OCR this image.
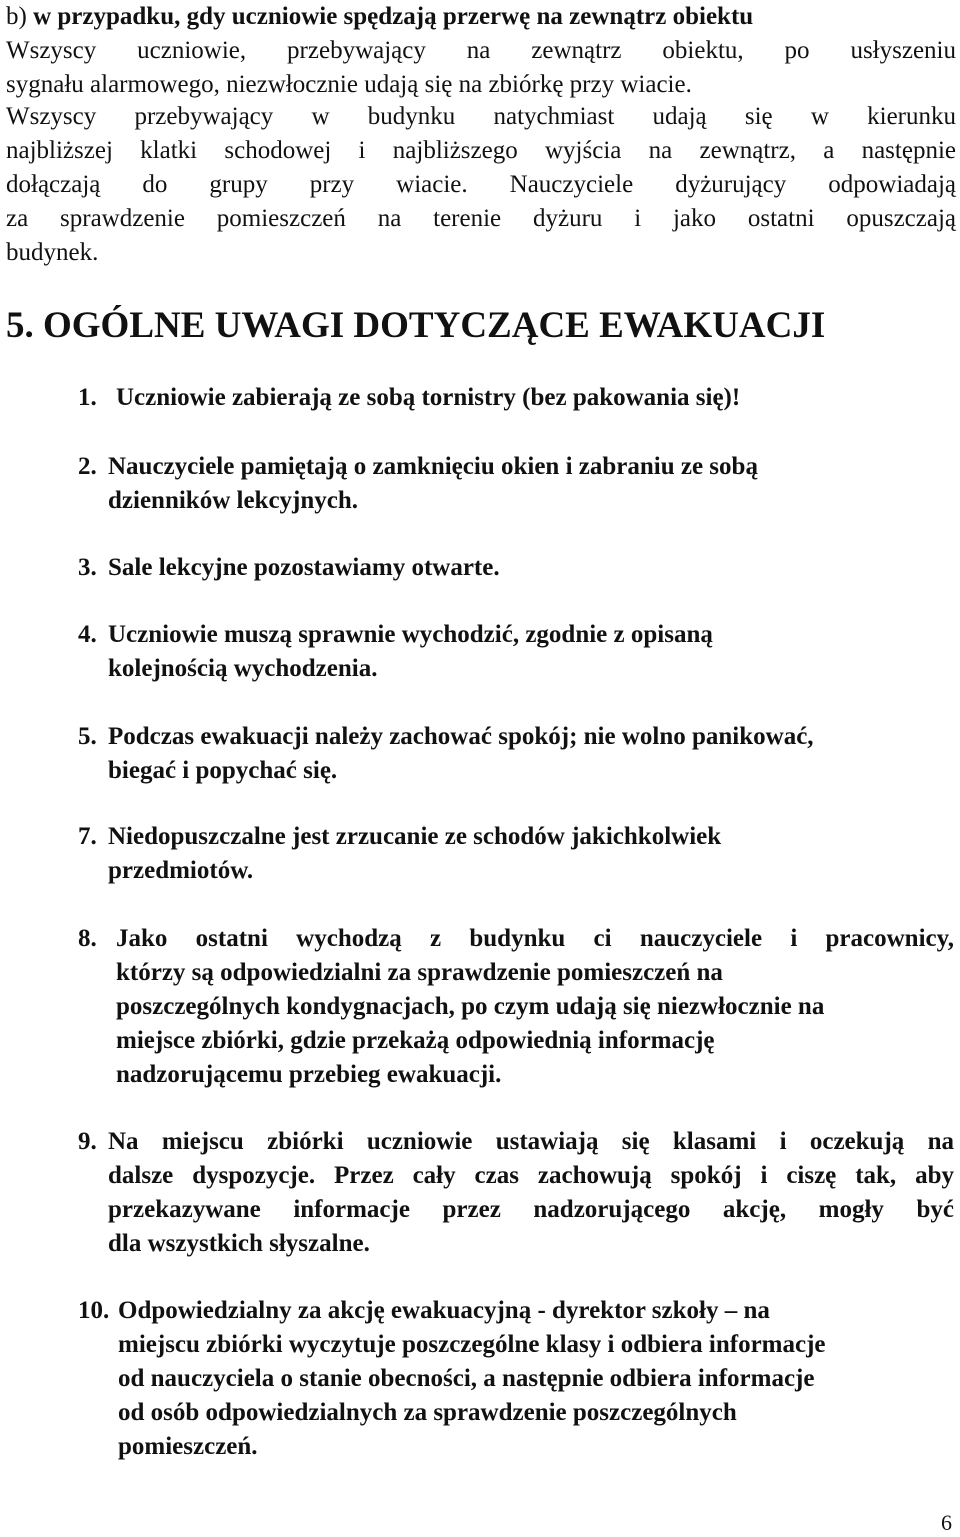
b) w przypadku, gdy uczniowie spędzają przerwę na zewnątrz obiektu
Wszyscy uczniowie, przebywający na zewnątrz obiektu, po usłyszeniu
sygnału alarmowego, niezwłocznie udają się na zbiórkę przy wiacie.
Wszyscy przebywający w budynku natychmiast udają się w kierunku
najbliższej klatki schodowej i najbliższego wyjścia na zewnątrz, a następnie
dołączają do grupy przy wiacie. Nauczyciele dyżurujący odpowiadają
za sprawdzenie pomieszczeń na terenie dyżuru i jako ostatni opuszczają
budynek.
5. OGÓLNE UWAGI DOTYCZĄCE EWAKUACJI
1. Uczniowie zabierają ze sobą tornistry (bez pakowania się)!
2. Nauczyciele pamiętają o zamknięciu okien i zabraniu ze sobą
dzienników lekcyjnych.
3. Sale lekcyjne pozostawiamy otwarte.
4. Uczniowie muszą sprawnie wychodzić, zgodnie z opisaną
kolejnością wychodzenia.
5. Podczas ewakuacji należy zachować spokój; nie wolno panikować,
biegać i popychać się.
7. Niedopuszczalne jest zrzucanie ze schodów jakichkolwiek
przedmiotów.
8. Jako ostatni wychodzą z budynku ci nauczyciele i pracownicy,
którzy są odpowiedzialni za sprawdzenie pomieszczeń na
poszczególnych kondygnacjach, po czym udają się niezwłocznie na
miejsce zbiórki, gdzie przekażą odpowiednią informację
nadzorującemu przebieg ewakuacji.
9. Na miejscu zbiórki uczniowie ustawiają się klasami i oczekują na
dalsze dyspozycje. Przez cały czas zachowują spokój i ciszę tak, aby
przekazywane informacje przez nadzorującego akcję, mogły być
dla wszystkich słyszalne.
10. Odpowiedzialny za akcję ewakuacyjną - dyrektor szkoły – na
miejscu zbiórki wyczytuje poszczególne klasy i odbiera informacje
od nauczyciela o stanie obecności, a następnie odbiera informacje
od osób odpowiedzialnych za sprawdzenie poszczególnych
pomieszczeń.
6
